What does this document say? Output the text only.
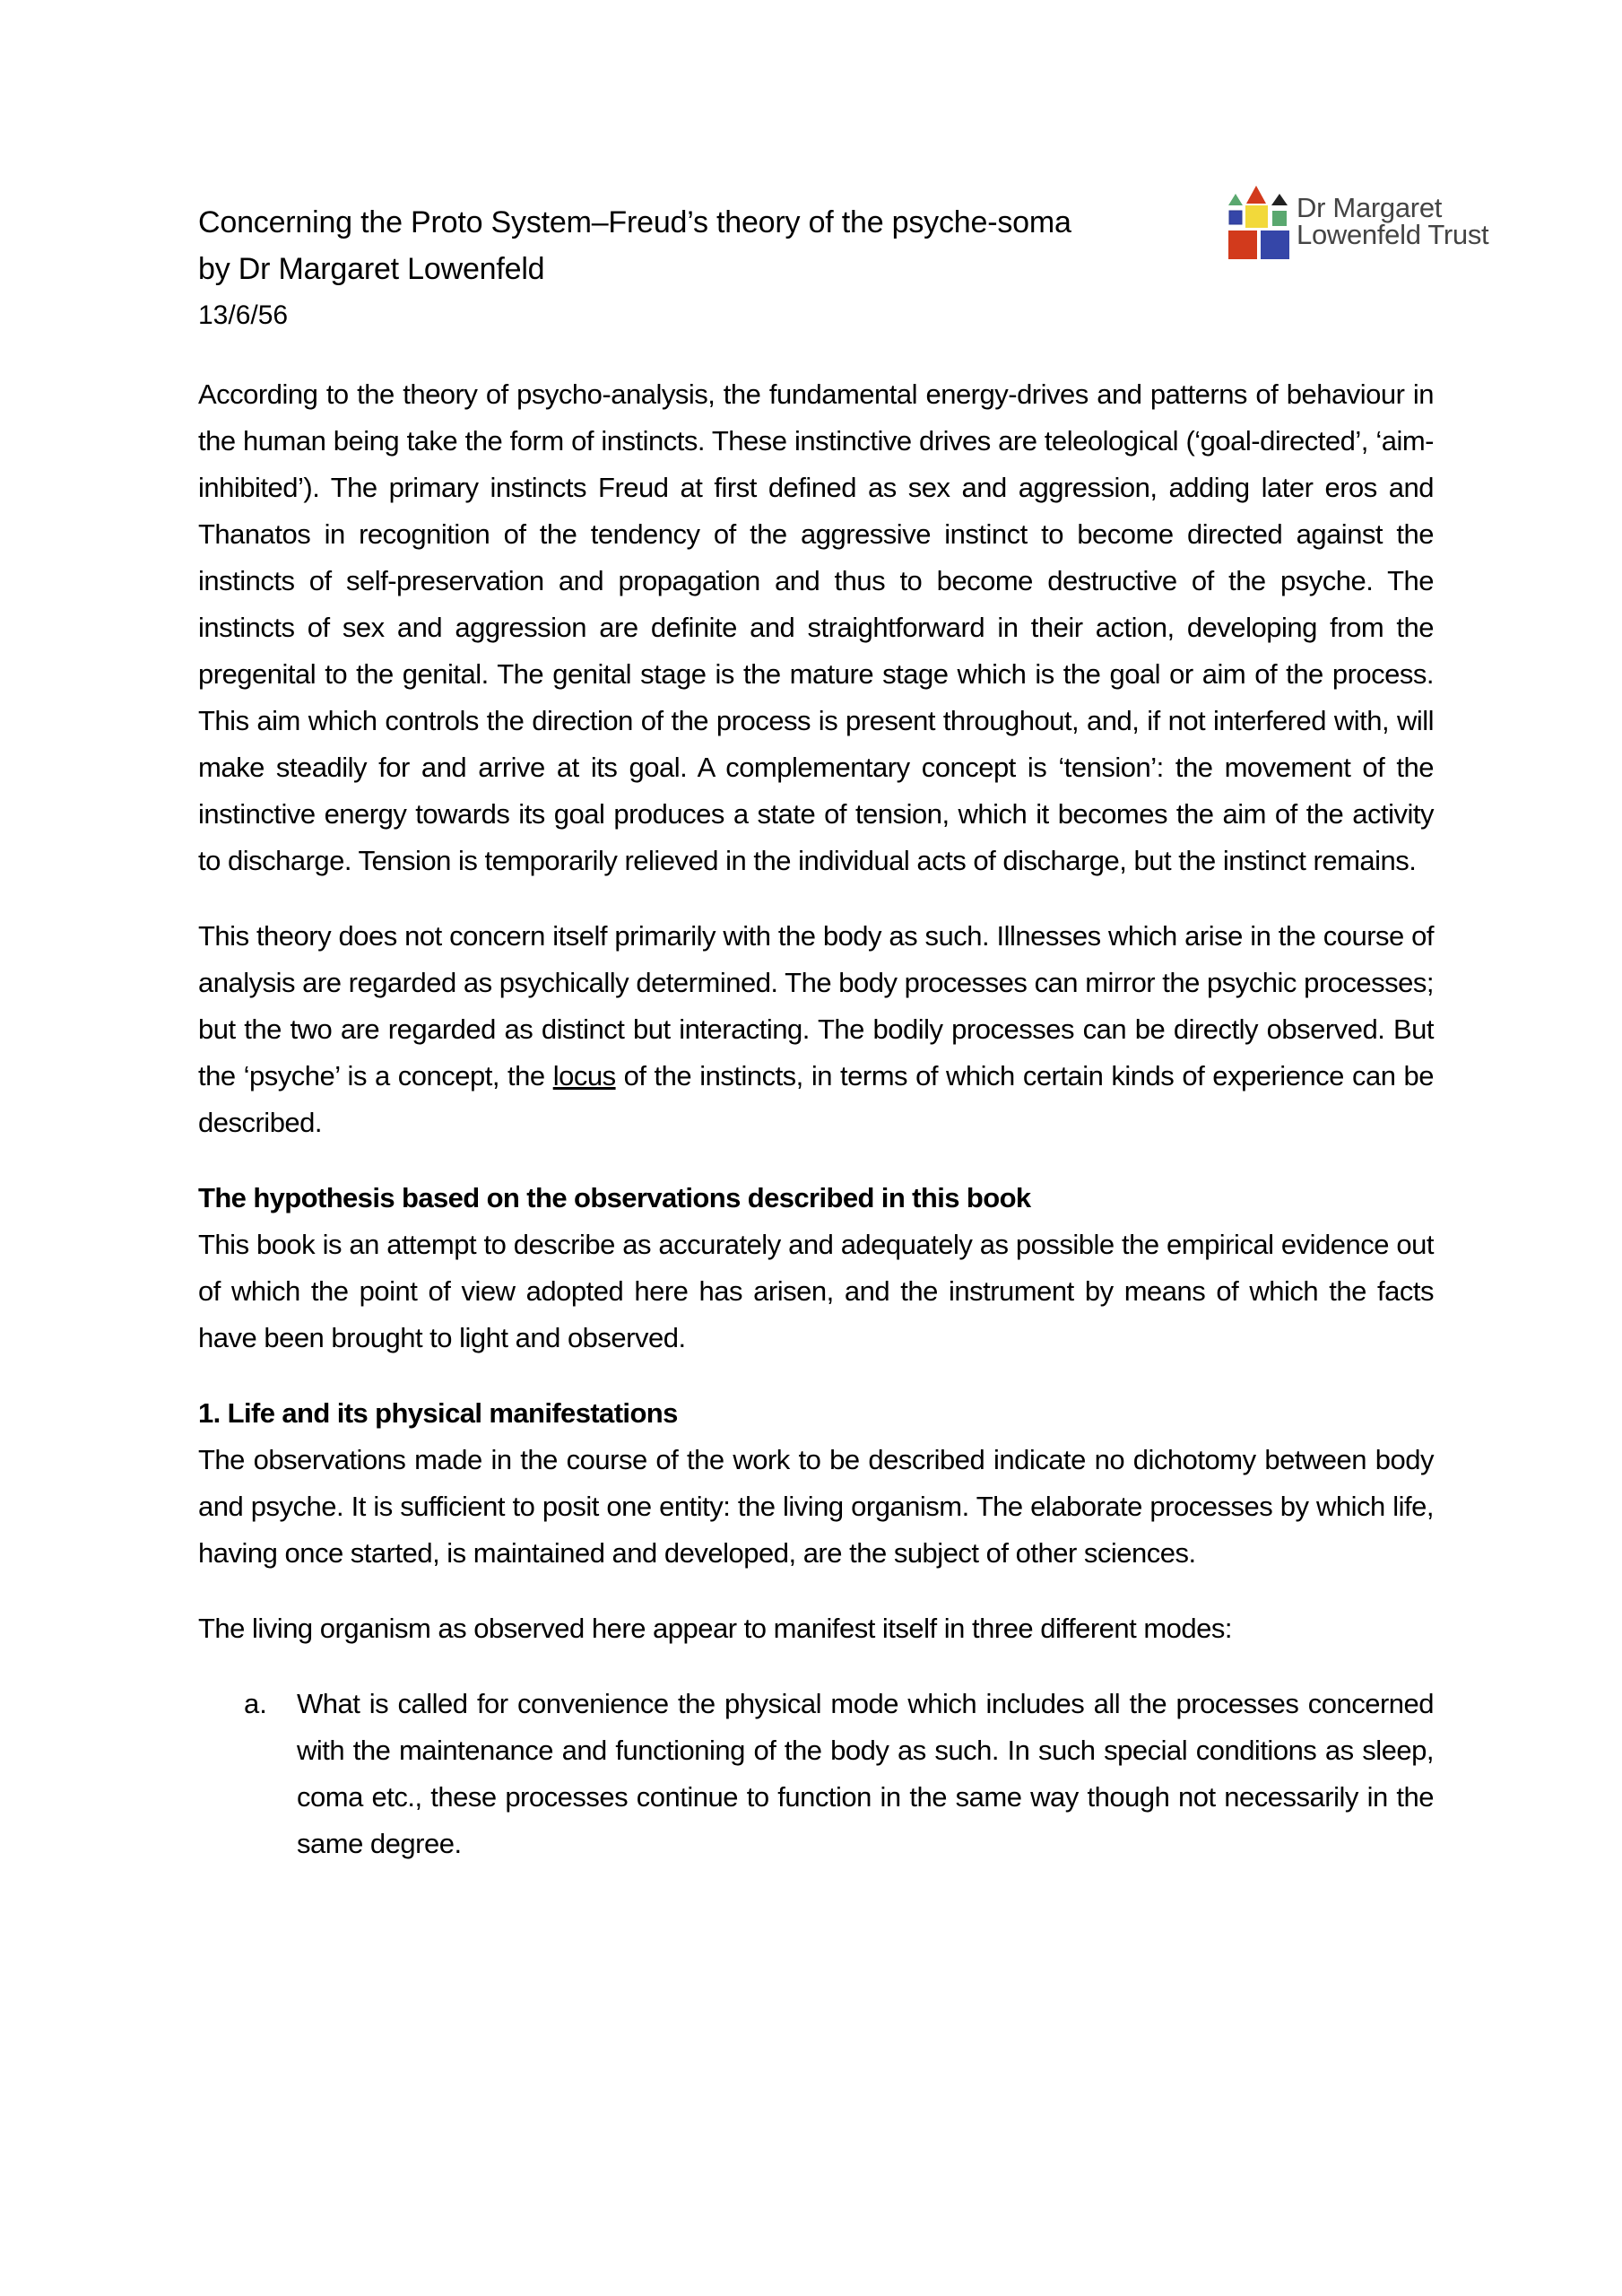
Dr Margaret
Lowenfeld Trust
Concerning the Proto System–Freud’s theory of the psyche-soma
by Dr Margaret Lowenfeld
13/6/56

According to the theory of psycho-analysis, the fundamental energy-drives and patterns of behaviour in the human being take the form of instincts. These instinctive drives are teleological (‘goal-directed’, ‘aim-inhibited’). The primary instincts Freud at first defined as sex and aggression, adding later eros and Thanatos in recognition of the tendency of the aggressive instinct to become directed against the instincts of self-preservation and propagation and thus to become destructive of the psyche. The instincts of sex and aggression are definite and straightforward in their action, developing from the pregenital to the genital. The genital stage is the mature stage which is the goal or aim of the process. This aim which controls the direction of the process is present throughout, and, if not interfered with, will make steadily for and arrive at its goal. A complementary concept is ‘tension’: the movement of the instinctive energy towards its goal produces a state of tension, which it becomes the aim of the activity to discharge. Tension is temporarily relieved in the individual acts of discharge, but the instinct remains.

This theory does not concern itself primarily with the body as such. Illnesses which arise in the course of analysis are regarded as psychically determined. The body processes can mirror the psychic processes; but the two are regarded as distinct but interacting. The bodily processes can be directly observed. But the ‘psyche’ is a concept, the locus of the instincts, in terms of which certain kinds of experience can be described.

The hypothesis based on the observations described in this book

This book is an attempt to describe as accurately and adequately as possible the empirical evidence out of which the point of view adopted here has arisen, and the instrument by means of which the facts have been brought to light and observed.

1. Life and its physical manifestations

The observations made in the course of the work to be described indicate no dichotomy between body and psyche. It is sufficient to posit one entity: the living organism. The elaborate processes by which life, having once started, is maintained and developed, are the subject of other sciences.

The living organism as observed here appear to manifest itself in three different modes:

a. What is called for convenience the physical mode which includes all the processes concerned with the maintenance and functioning of the body as such. In such special conditions as sleep, coma etc., these processes continue to function in the same way though not necessarily in the same degree.
